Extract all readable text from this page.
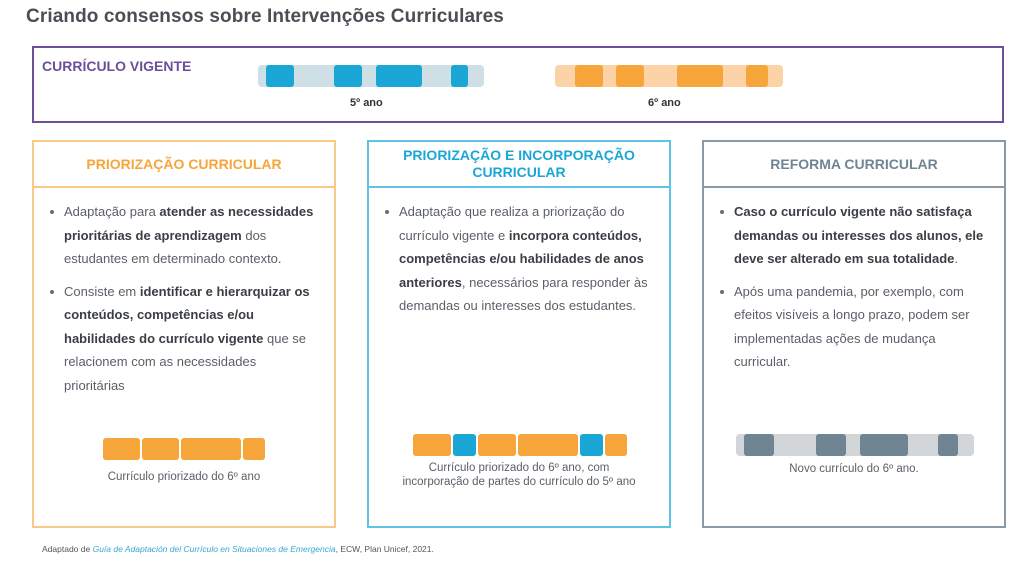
Criando consensos sobre Intervenções Curriculares
CURRÍCULO VIGENTE
5º ano	6º ano
PRIORIZAÇÃO CURRICULAR
Adaptação para atender as necessidades prioritárias de aprendizagem dos estudantes em determinado contexto.
Consiste em identificar e hierarquizar os conteúdos, competências e/ou habilidades do currículo vigente que se relacionem com as necessidades prioritárias
Currículo priorizado do 6º ano
PRIORIZAÇÃO E INCORPORAÇÃO CURRICULAR
Adaptação que realiza a priorização do currículo vigente e incorpora conteúdos, competências e/ou habilidades de anos anteriores, necessários para responder às demandas ou interesses dos estudantes.
Currículo priorizado do 6º ano, com
incorporação de partes do currículo do 5º ano
REFORMA CURRICULAR
Caso o currículo vigente não satisfaça demandas ou interesses dos alunos, ele deve ser alterado em sua totalidade.
Após uma pandemia, por exemplo, com efeitos visíveis a longo prazo, podem ser implementadas ações de mudança curricular.
Novo currículo do 6º ano.
Adaptado de Guía de Adaptación del Currículo en Situaciones de Emergencia, ECW, Plan Unicef, 2021.
